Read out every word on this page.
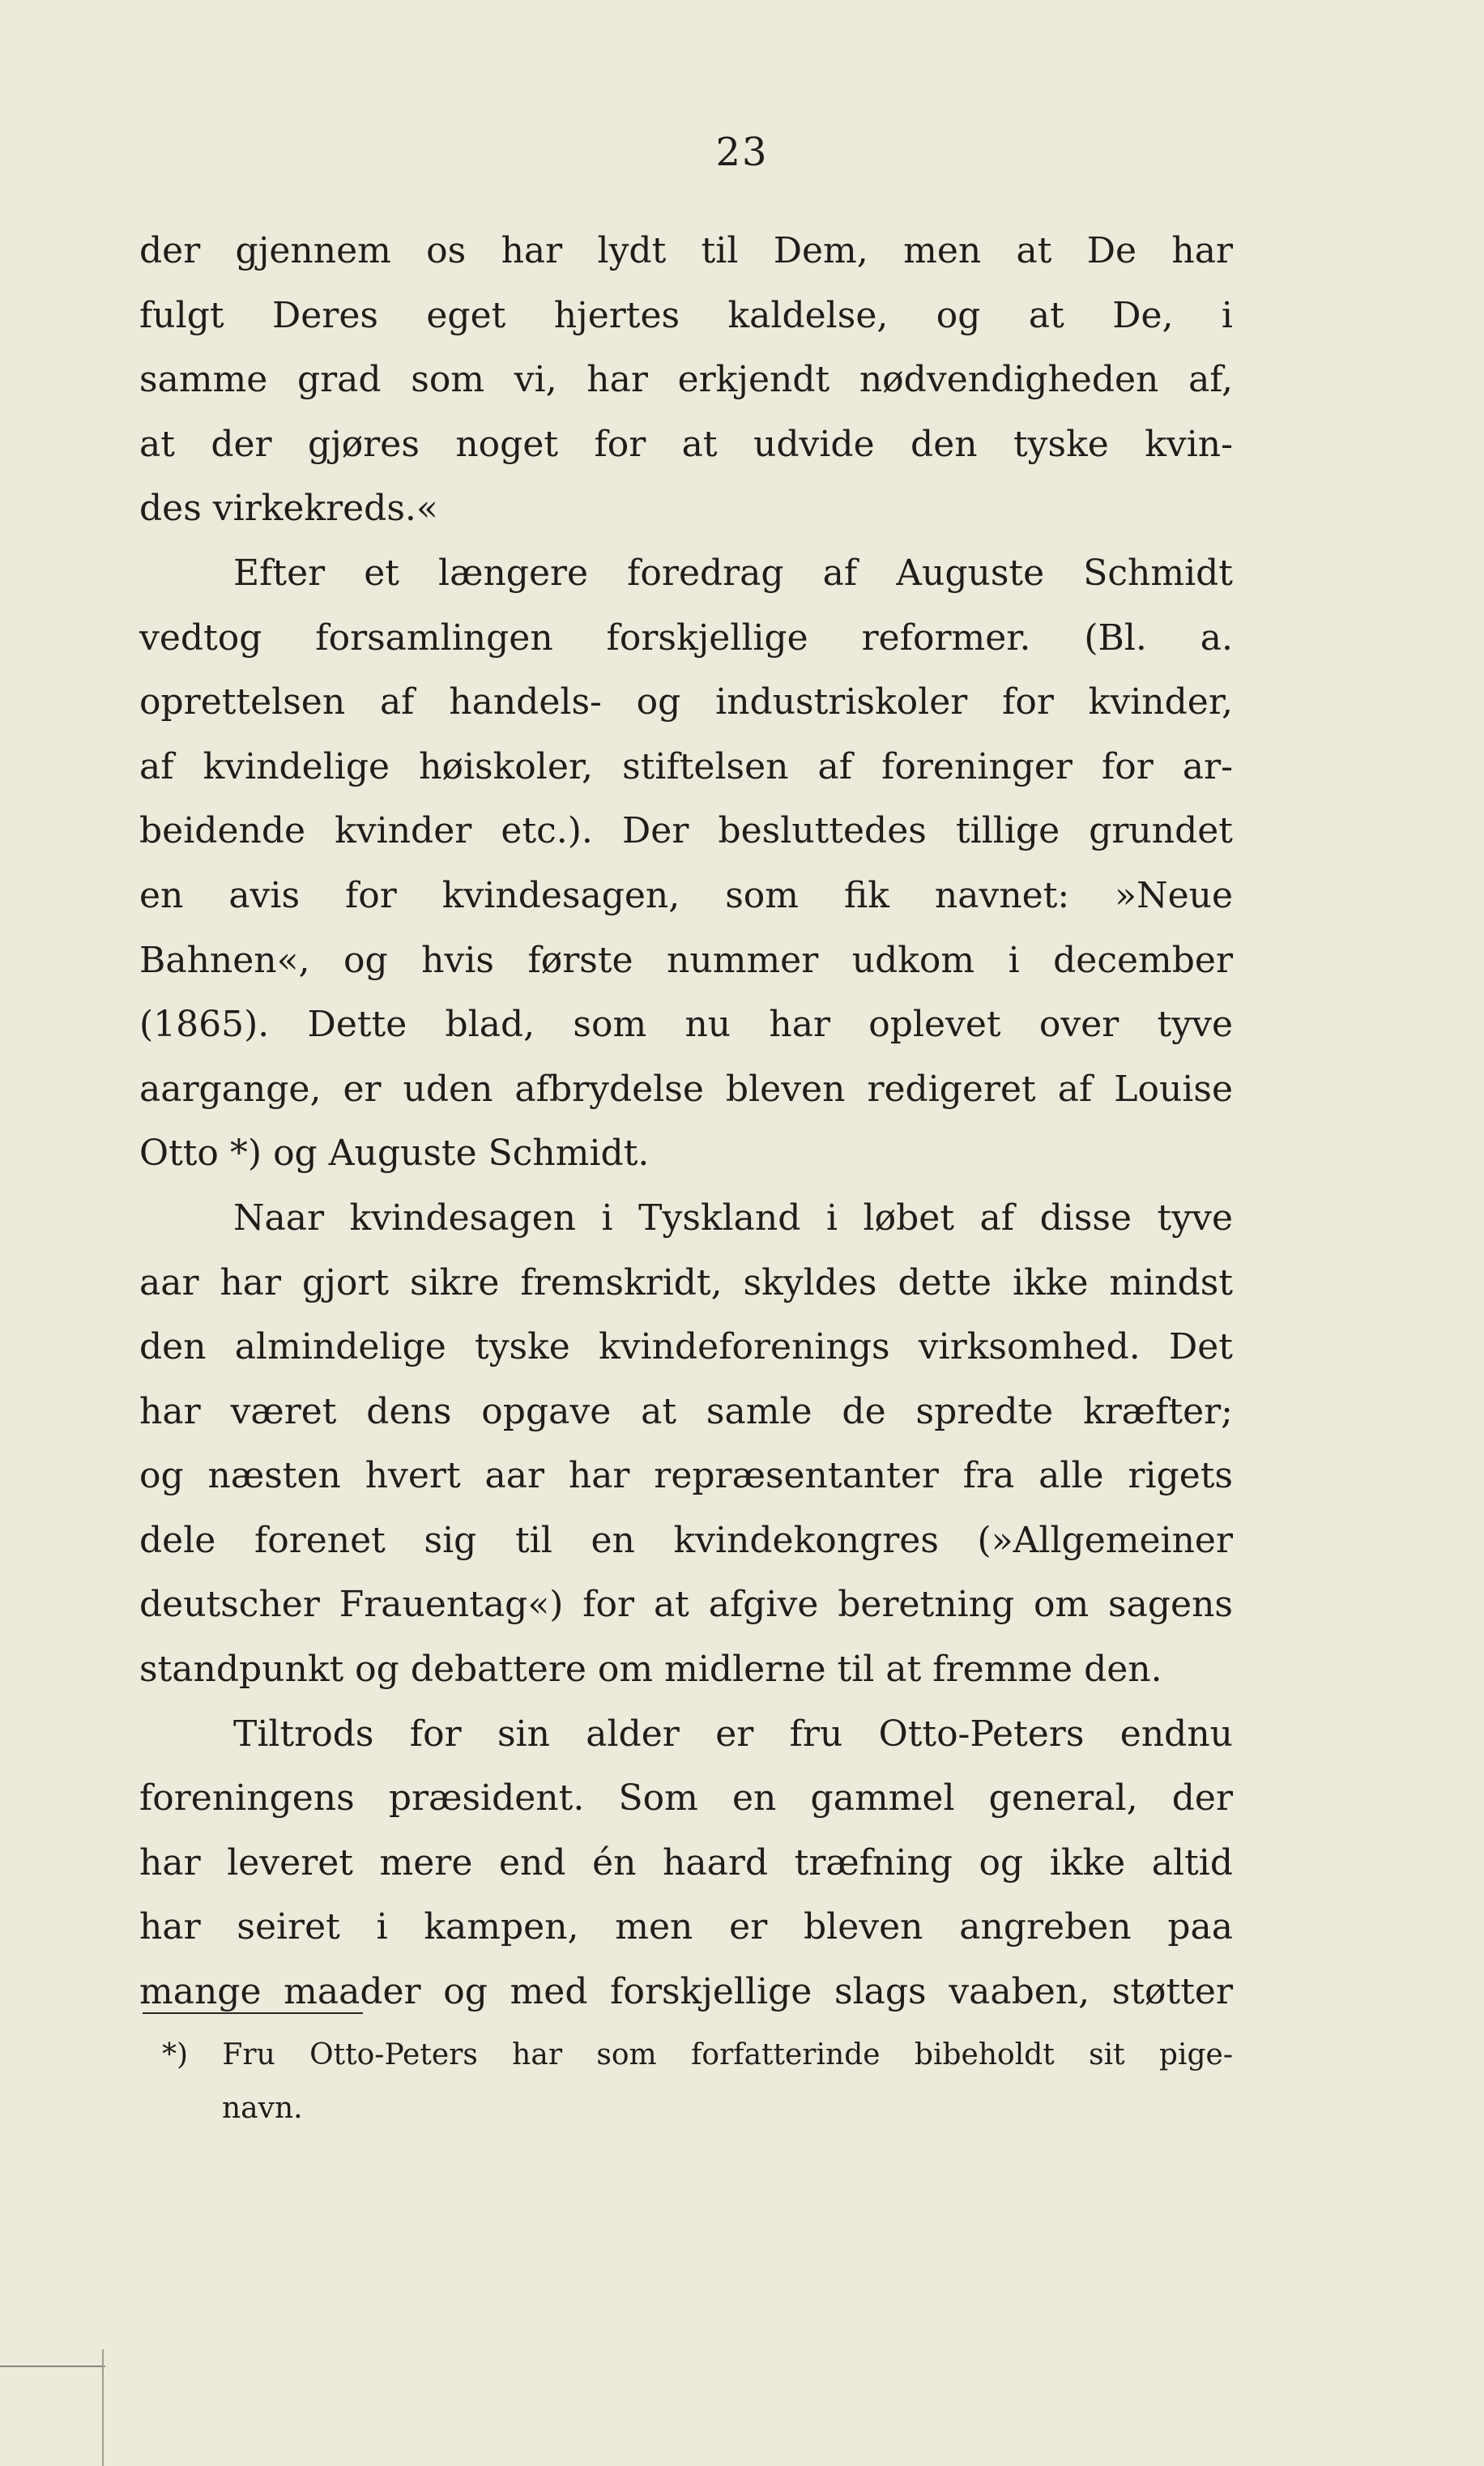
23
der gjennem os har lydt til Dem, men at De har
fulgt Deres eget hjertes kaldelse, og at De, i
samme grad som vi, har erkjendt nødvendigheden af,
at der gjøres noget for at udvide den tyske kvin-
des virkekreds.«
Efter et længere foredrag af Auguste Schmidt
vedtog forsamlingen forskjellige reformer. (Bl. a.
oprettelsen af handels- og industriskoler for kvinder,
af kvindelige høiskoler, stiftelsen af foreninger for ar-
beidende kvinder etc.). Der besluttedes tillige grundet
en avis for kvindesagen, som fik navnet: »Neue
Bahnen«, og hvis første nummer udkom i december
(1865). Dette blad, som nu har oplevet over tyve
aargange, er uden afbrydelse bleven redigeret af Louise
Otto *) og Auguste Schmidt.
Naar kvindesagen i Tyskland i løbet af disse tyve
aar har gjort sikre fremskridt, skyldes dette ikke mindst
den almindelige tyske kvindeforenings virksomhed. Det
har været dens opgave at samle de spredte kræfter;
og næsten hvert aar har repræsentanter fra alle rigets
dele forenet sig til en kvindekongres (»Allgemeiner
deutscher Frauentag«) for at afgive beretning om sagens
standpunkt og debattere om midlerne til at fremme den.
Tiltrods for sin alder er fru Otto-Peters endnu
foreningens præsident. Som en gammel general, der
har leveret mere end én haard træfning og ikke altid
har seiret i kampen, men er bleven angreben paa
mange maader og med forskjellige slags vaaben, støtter
*) Fru Otto-Peters har som forfatterinde bibeholdt sit pige-
navn.
